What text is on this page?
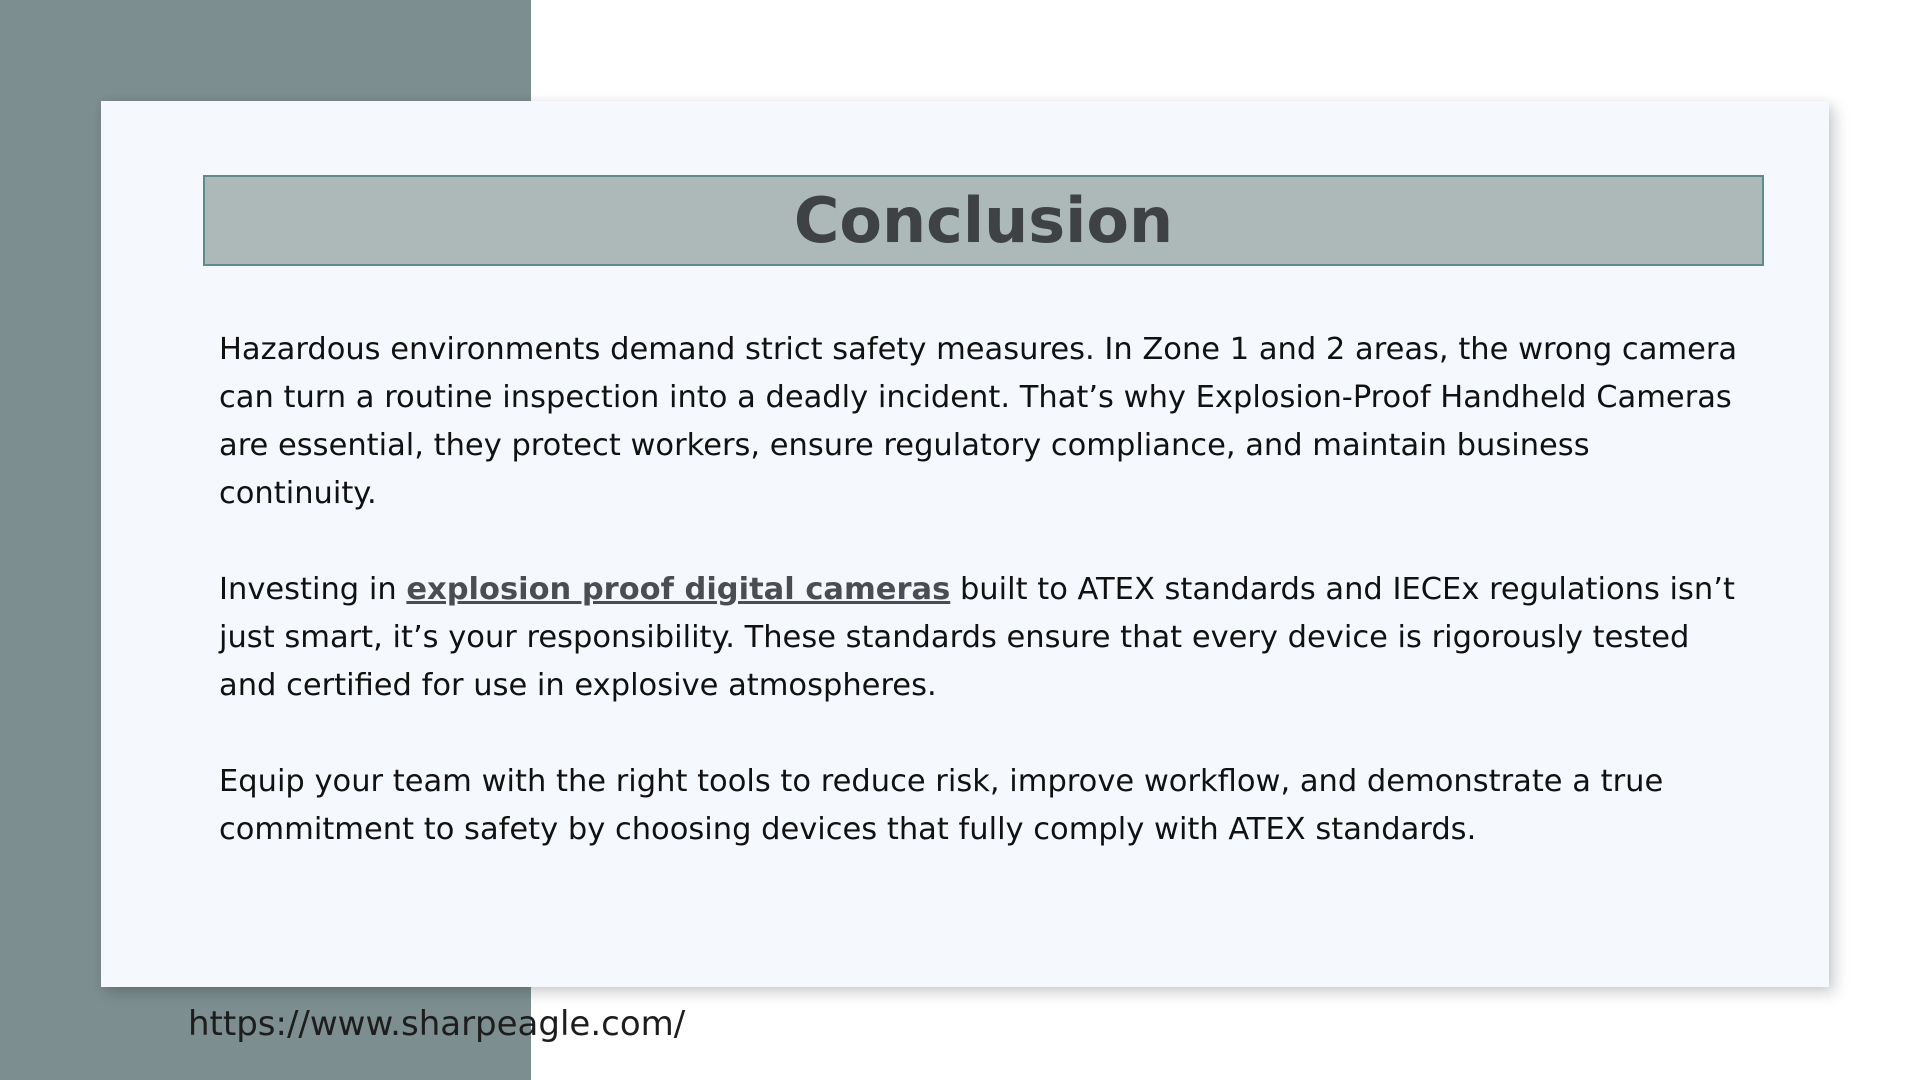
Conclusion

Hazardous environments demand strict safety measures. In Zone 1 and 2 areas, the wrong camera can turn a routine inspection into a deadly incident. That’s why Explosion-Proof Handheld Cameras are essential, they protect workers, ensure regulatory compliance, and maintain business continuity.

Investing in explosion proof digital cameras built to ATEX standards and IECEx regulations isn’t just smart, it’s your responsibility. These standards ensure that every device is rigorously tested and certified for use in explosive atmospheres.

Equip your team with the right tools to reduce risk, improve workflow, and demonstrate a true commitment to safety by choosing devices that fully comply with ATEX standards.

https://www.sharpeagle.com/
